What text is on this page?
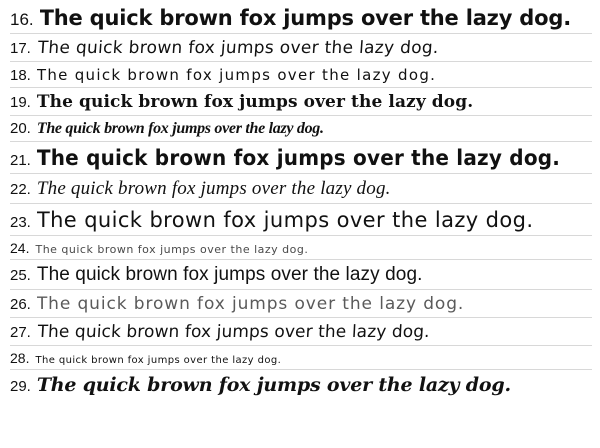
16. The quick brown fox jumps over the lazy dog.
17. The quick brown fox jumps over the lazy dog.
18. The quick brown fox jumps over the lazy dog.
19. The quick brown fox jumps over the lazy dog.
20. The quick brown fox jumps over the lazy dog.
21. The quick brown fox jumps over the lazy dog.
22. The quick brown fox jumps over the lazy dog.
23. The quick brown fox jumps over the lazy dog.
24. The quick brown fox jumps over the lazy dog.
25. The quick brown fox jumps over the lazy dog.
26. The quick brown fox jumps over the lazy dog.
27. The quick brown fox jumps over the lazy dog.
28. The quick brown fox jumps over the lazy dog.
29. The quick brown fox jumps over the lazy dog.
